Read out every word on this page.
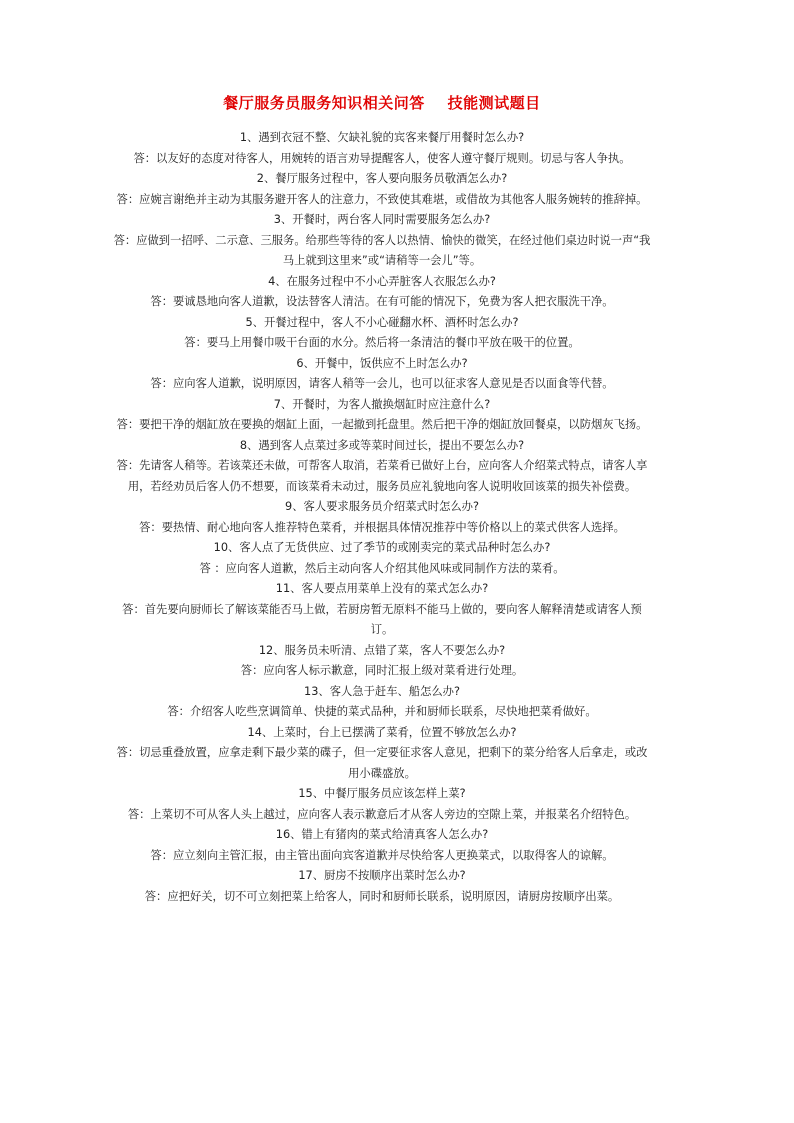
餐厅服务员服务知识相关问答    技能测试题目

1、遇到衣冠不整、欠缺礼貌的宾客来餐厅用餐时怎么办?

答：以友好的态度对待客人，用婉转的语言劝导提醒客人，使客人遵守餐厅规则。切忌与客人争执。

2、餐厅服务过程中，客人要向服务员敬酒怎么办?

答：应婉言谢绝并主动为其服务避开客人的注意力，不致使其难堪，或借故为其他客人服务婉转的推辞掉。

3、开餐时，两台客人同时需要服务怎么办?

答：应做到一招呼、二示意、三服务。给那些等待的客人以热情、愉快的微笑，在经过他们桌边时说一声“我马上就到这里来”或“请稍等一会儿”等。

4、在服务过程中不小心弄脏客人衣服怎么办?

答：要诚恳地向客人道歉，设法替客人清洁。在有可能的情况下，免费为客人把衣服洗干净。

5、开餐过程中，客人不小心碰翻水杯、酒杯时怎么办?

答：要马上用餐巾吸干台面的水分。然后将一条清洁的餐巾平放在吸干的位置。

6、开餐中，饭供应不上时怎么办?

答：应向客人道歉，说明原因，请客人稍等一会儿，也可以征求客人意见是否以面食等代替。

7、开餐时，为客人撤换烟缸时应注意什么?

答：要把干净的烟缸放在要换的烟缸上面，一起撤到托盘里。然后把干净的烟缸放回餐桌，以防烟灰飞扬。

8、遇到客人点菜过多或等菜时间过长，提出不要怎么办?

答：先请客人稍等。若该菜还未做，可帮客人取消，若菜肴已做好上台，应向客人介绍菜式特点，请客人享用，若经劝员后客人仍不想要，而该菜肴未动过，服务员应礼貌地向客人说明收回该菜的损失补偿费。

9、客人要求服务员介绍菜式时怎么办?

答：要热情、耐心地向客人推荐特色菜肴，并根据具体情况推荐中等价格以上的菜式供客人选择。

10、客人点了无货供应、过了季节的或刚卖完的菜式品种时怎么办?

答 ：应向客人道歉，然后主动向客人介绍其他风味或同制作方法的菜肴。

11、客人要点用菜单上没有的菜式怎么办?

答：首先要向厨师长了解该菜能否马上做，若厨房暂无原料不能马上做的，要向客人解释清楚或请客人预订。

12、服务员未听清、点错了菜，客人不要怎么办?

答：应向客人标示歉意，同时汇报上级对菜肴进行处理。

13、客人急于赶车、船怎么办?

答：介绍客人吃些烹调简单、快捷的菜式品种，并和厨师长联系，尽快地把菜肴做好。

14、上菜时，台上已摆满了菜肴，位置不够放怎么办?

答：切忌重叠放置，应拿走剩下最少菜的碟子，但一定要征求客人意见，把剩下的菜分给客人后拿走，或改用小碟盛放。

15、中餐厅服务员应该怎样上菜?

答：上菜切不可从客人头上越过，应向客人表示歉意后才从客人旁边的空隙上菜，并报菜名介绍特色。

16、错上有猪肉的菜式给清真客人怎么办?

答：应立刻向主管汇报，由主管出面向宾客道歉并尽快给客人更换菜式，以取得客人的谅解。

17、厨房不按顺序出菜时怎么办?

答：应把好关，切不可立刻把菜上给客人，同时和厨师长联系，说明原因，请厨房按顺序出菜。
